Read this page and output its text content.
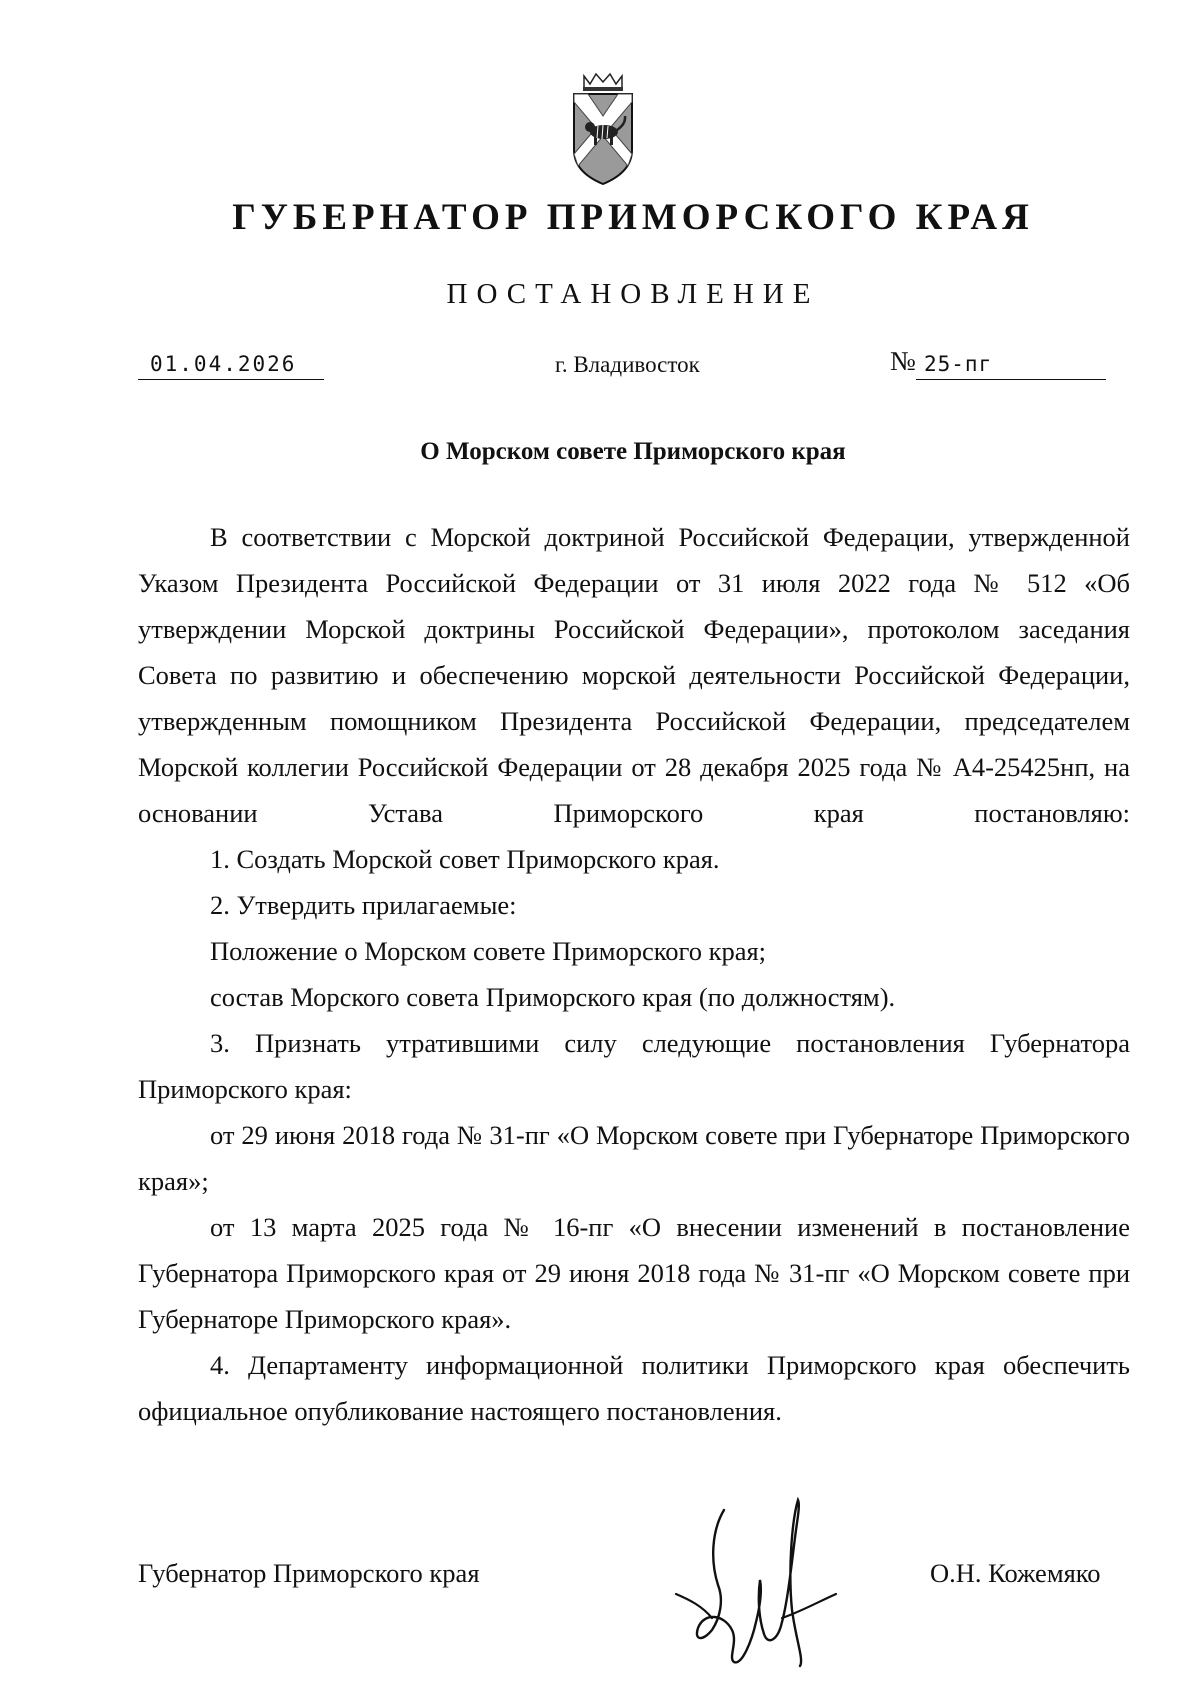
ГУБЕРНАТОР ПРИМОРСКОГО КРАЯ
ПОСТАНОВЛЕНИЕ
01.04.2026	г. Владивосток	№ 25-пг
О Морском совете Приморского края

В соответствии с Морской доктриной Российской Федерации, утвержденной Указом Президента Российской Федерации от 31 июля 2022 года № 512 «Об утверждении Морской доктрины Российской Федерации», протоколом заседания Совета по развитию и обеспечению морской деятельности Российской Федерации, утвержденным помощником Президента Российской Федерации, председателем Морской коллегии Российской Федерации от 28 декабря 2025 года № А4-25425нп, на основании Устава Приморского края постановляю:

1. Создать Морской совет Приморского края.

2. Утвердить прилагаемые:

Положение о Морском совете Приморского края;

состав Морского совета Приморского края (по должностям).

3. Признать утратившими силу следующие постановления Губернатора Приморского края:

от 29 июня 2018 года № 31-пг «О Морском совете при Губернаторе Приморского края»;

от 13 марта 2025 года № 16-пг «О внесении изменений в постановление Губернатора Приморского края от 29 июня 2018 года № 31-пг «О Морском совете при Губернаторе Приморского края».

4. Департаменту информационной политики Приморского края обеспечить официальное опубликование настоящего постановления.

Губернатор Приморского края	О.Н. Кожемяко
